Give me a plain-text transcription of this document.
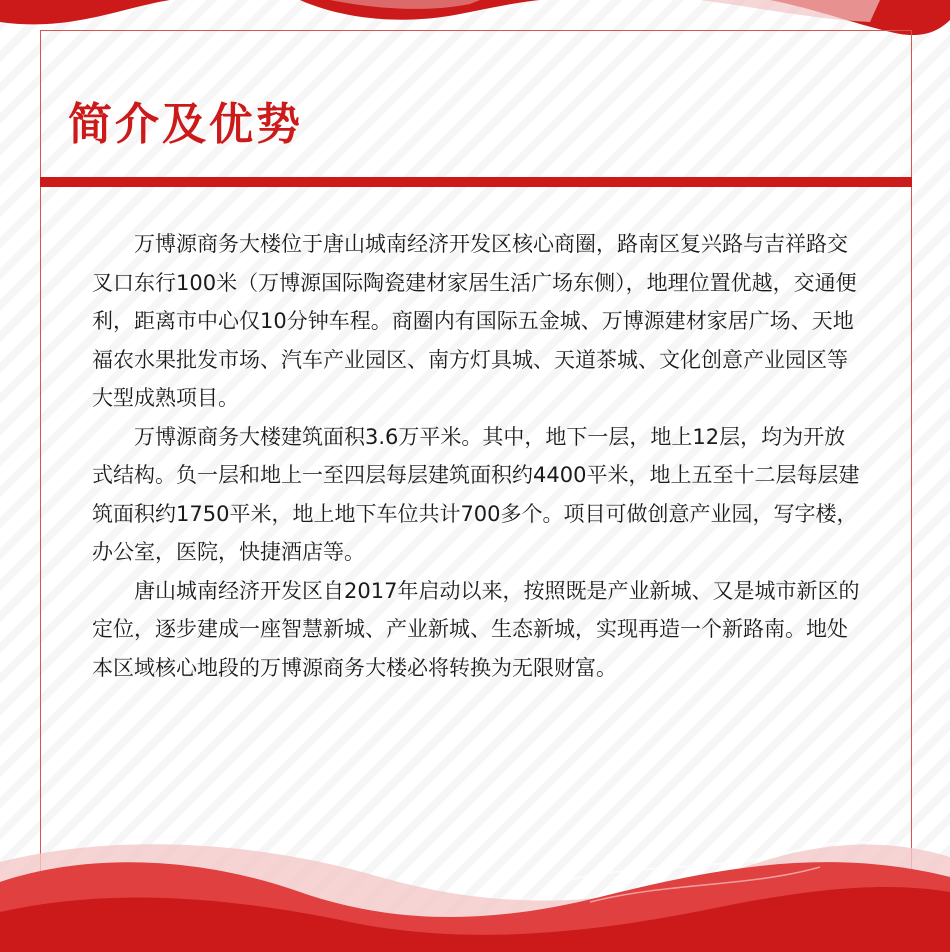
简介及优势

万博源商务大楼位于唐山城南经济开发区核心商圈，路南区复兴路与吉祥路交叉口东行100米（万博源国际陶瓷建材家居生活广场东侧），地理位置优越，交通便利，距离市中心仅10分钟车程。商圈内有国际五金城、万博源建材家居广场、天地福农水果批发市场、汽车产业园区、南方灯具城、天道茶城、文化创意产业园区等大型成熟项目。

万博源商务大楼建筑面积3.6万平米。其中，地下一层，地上12层，均为开放式结构。负一层和地上一至四层每层建筑面积约4400平米，地上五至十二层每层建筑面积约1750平米，地上地下车位共计700多个。项目可做创意产业园，写字楼，办公室，医院，快捷酒店等。

唐山城南经济开发区自2017年启动以来，按照既是产业新城、又是城市新区的定位，逐步建成一座智慧新城、产业新城、生态新城，实现再造一个新路南。地处本区域核心地段的万博源商务大楼必将转换为无限财富。
